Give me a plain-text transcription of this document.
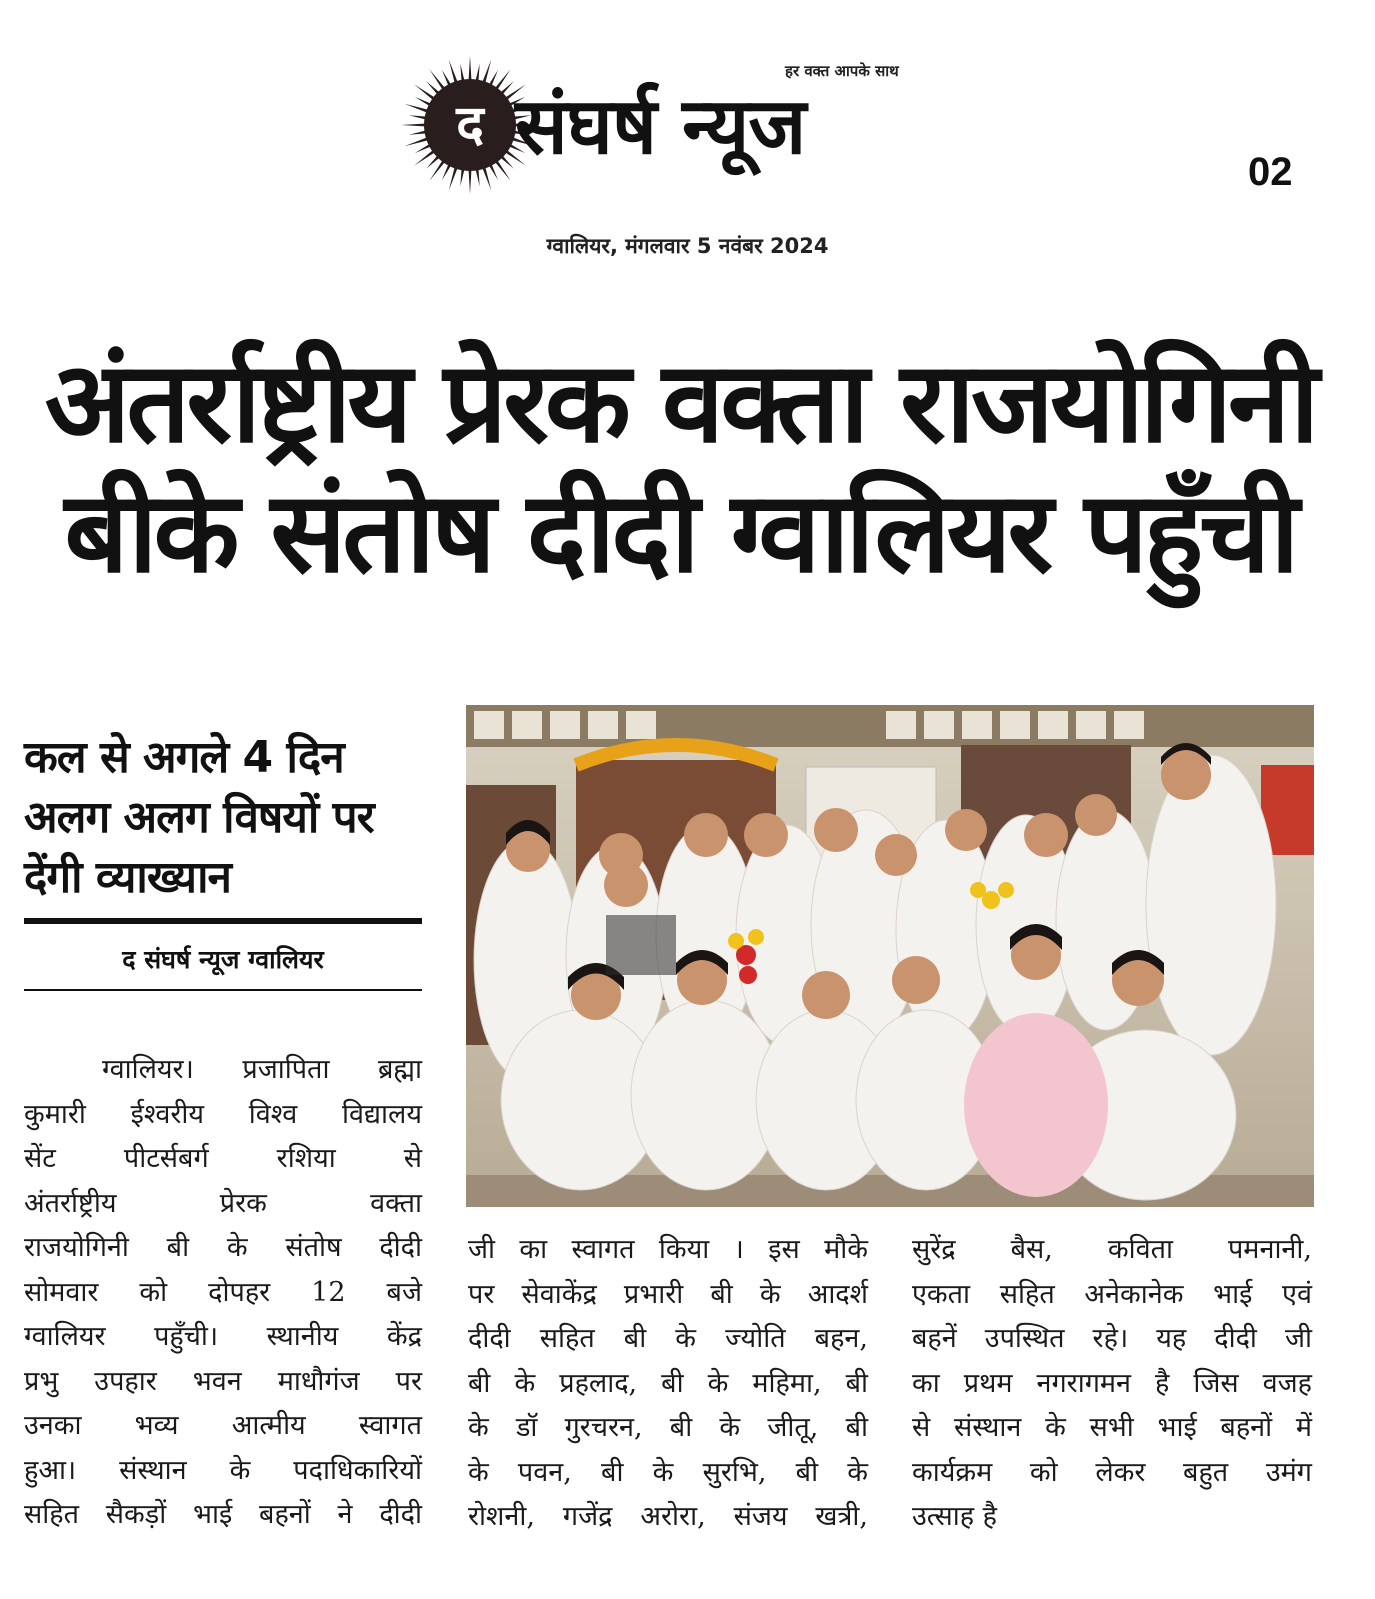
द संघर्ष न्यूज
हर वक्त आपके साथ
02
ग्वालियर, मंगलवार 5 नवंबर 2024
अंतर्राष्ट्रीय प्रेरक वक्ता राजयोगिनी
बीके संतोष दीदी ग्वालियर पहुँची
कल से अगले 4 दिन
अलग अलग विषयों पर
देंगी व्याख्यान
द संघर्ष न्यूज ग्वालियर
ग्वालियर। प्रजापिता ब्रह्मा
कुमारी ईश्वरीय विश्व विद्यालय
सेंट पीटर्सबर्ग रशिया से
अंतर्राष्ट्रीय प्रेरक वक्ता
राजयोगिनी बी के संतोष दीदी
सोमवार को दोपहर 12 बजे
ग्वालियर पहुँची। स्थानीय केंद्र
प्रभु उपहार भवन माधौगंज पर
उनका भव्य आत्मीय स्वागत
हुआ। संस्थान के पदाधिकारियों
सहित सैकड़ों भाई बहनों ने दीदी
जी का स्वागत किया । इस मौके
पर सेवाकेंद्र प्रभारी बी के आदर्श
दीदी सहित बी के ज्योति बहन,
बी के प्रहलाद, बी के महिमा, बी
के डॉ गुरचरन, बी के जीतू, बी
के पवन, बी के सुरभि, बी के
रोशनी, गजेंद्र अरोरा, संजय खत्री,
सुरेंद्र बैस, कविता पमनानी,
एकता सहित अनेकानेक भाई एवं
बहनें उपस्थित रहे। यह दीदी जी
का प्रथम नगरागमन है जिस वजह
से संस्थान के सभी भाई बहनों में
कार्यक्रम को लेकर बहुत उमंग
उत्साह है
